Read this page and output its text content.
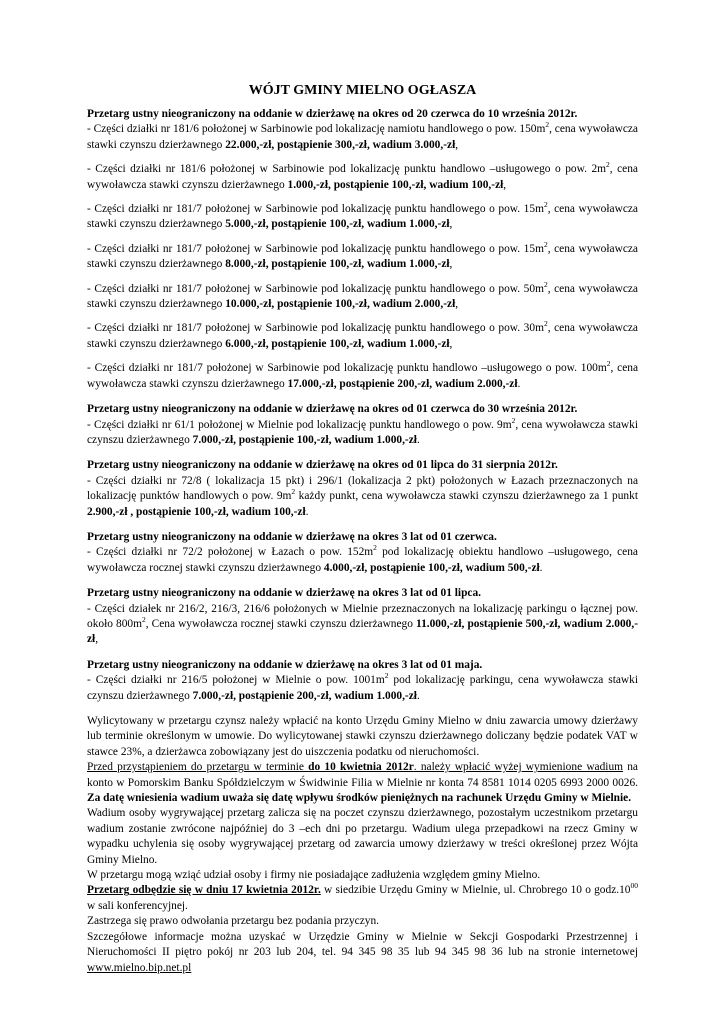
WÓJT GMINY MIELNO OGŁASZA

Przetarg ustny nieograniczony na oddanie w dzierżawę na okres od 20 czerwca do 10 września 2012r.

- Części działki nr 181/6 położonej w Sarbinowie pod lokalizację namiotu handlowego o pow. $150m^2$, cena wywoławcza stawki czynszu dzierżawnego 22.000,-zł, postąpienie 300,-zł, wadium 3.000,-zł,

- Części działki nr 181/6 położonej w Sarbinowie pod lokalizację punktu handlowo –usługowego o pow. $2m^2$, cena wywoławcza stawki czynszu dzierżawnego 1.000,-zł, postąpienie 100,-zł, wadium 100,-zł,

- Części działki nr 181/7 położonej w Sarbinowie pod lokalizację punktu handlowego o pow. $15m^2$, cena wywoławcza stawki czynszu dzierżawnego 5.000,-zł, postąpienie 100,-zł, wadium 1.000,-zł,

- Części działki nr 181/7 położonej w Sarbinowie pod lokalizację punktu handlowego o pow. $15m^2$, cena wywoławcza stawki czynszu dzierżawnego 8.000,-zł, postąpienie 100,-zł, wadium 1.000,-zł,

- Części działki nr 181/7 położonej w Sarbinowie pod lokalizację punktu handlowego o pow. $50m^2$, cena wywoławcza stawki czynszu dzierżawnego 10.000,-zł, postąpienie 100,-zł, wadium 2.000,-zł,

- Części działki nr 181/7 położonej w Sarbinowie pod lokalizację punktu handlowego o pow. $30m^2$, cena wywoławcza stawki czynszu dzierżawnego 6.000,-zł, postąpienie 100,-zł, wadium 1.000,-zł,

- Części działki nr 181/7 położonej w Sarbinowie pod lokalizację punktu handlowo –usługowego o pow. $100m^2$, cena wywoławcza stawki czynszu dzierżawnego 17.000,-zł, postąpienie 200,-zł, wadium 2.000,-zł.

Przetarg ustny nieograniczony na oddanie w dzierżawę na okres od 01 czerwca do 30 września 2012r.

- Części działki nr 61/1 położonej w Mielnie pod lokalizację punktu handlowego o pow. $9m^2$, cena wywoławcza stawki czynszu dzierżawnego 7.000,-zł, postąpienie 100,-zł, wadium 1.000,-zł.

Przetarg ustny nieograniczony na oddanie w dzierżawę na okres od 01 lipca do 31 sierpnia 2012r.

- Części działki nr 72/8 ( lokalizacja 15 pkt) i 296/1 (lokalizacja 2 pkt) położonych w Łazach przeznaczonych na lokalizację punktów handlowych o pow. $9m^2$ każdy punkt, cena wywoławcza stawki czynszu dzierżawnego za 1 punkt 2.900,-zł , postąpienie 100,-zł, wadium 100,-zł.

Przetarg ustny nieograniczony na oddanie w dzierżawę na okres 3 lat od 01 czerwca.

- Części działki nr 72/2 położonej w Łazach o pow. $152m^2$ pod lokalizację obiektu handlowo –usługowego, cena wywoławcza rocznej stawki czynszu dzierżawnego 4.000,-zł, postąpienie 100,-zł, wadium 500,-zł.

Przetarg ustny nieograniczony na oddanie w dzierżawę na okres 3 lat od 01 lipca.

- Części działek nr 216/2, 216/3, 216/6 położonych w Mielnie przeznaczonych na lokalizację parkingu o łącznej pow. około $800m^2$, Cena wywoławcza rocznej stawki czynszu dzierżawnego 11.000,-zł, postąpienie 500,-zł, wadium 2.000,-zł,

Przetarg ustny nieograniczony na oddanie w dzierżawę na okres 3 lat od 01 maja.

- Części działki nr 216/5 położonej w Mielnie o pow. $1001m^2$ pod lokalizację parkingu, cena wywoławcza stawki czynszu dzierżawnego 7.000,-zł, postąpienie 200,-zł, wadium 1.000,-zł.

Wylicytowany w przetargu czynsz należy wpłacić na konto Urzędu Gminy Mielno w dniu zawarcia umowy dzierżawy lub terminie określonym w umowie. Do wylicytowanej stawki czynszu dzierżawnego doliczany będzie podatek VAT w stawce 23%, a dzierżawca zobowiązany jest do uiszczenia podatku od nieruchomości.

Przed przystąpieniem do przetargu w terminie do 10 kwietnia 2012r. należy wpłacić wyżej wymienione wadium na konto w Pomorskim Banku Spółdzielczym w Świdwinie Filia w Mielnie nr konta 74 8581 1014 0205 6993 2000 0026. Za datę wniesienia wadium uważa się datę wpływu środków pieniężnych na rachunek Urzędu Gminy w Mielnie.

Wadium osoby wygrywającej przetarg zalicza się na poczet czynszu dzierżawnego, pozostałym uczestnikom przetargu wadium zostanie zwrócone najpóźniej do 3 –ech dni po przetargu. Wadium ulega przepadkowi na rzecz Gminy w wypadku uchylenia się osoby wygrywającej przetarg od zawarcia umowy dzierżawy w treści określonej przez Wójta Gminy Mielno.

W przetargu mogą wziąć udział osoby i firmy nie posiadające zadłużenia względem gminy Mielno.

Przetarg odbędzie się w dniu 17 kwietnia 2012r. w siedzibie Urzędu Gminy w Mielnie, ul. Chrobrego 10 o $godz.10^{00}$ w sali konferencyjnej.

Zastrzega się prawo odwołania przetargu bez podania przyczyn.

Szczegółowe informacje można uzyskać w Urzędzie Gminy w Mielnie w Sekcji Gospodarki Przestrzennej i Nieruchomości II piętro pokój nr 203 lub 204, tel. 94 345 98 35 lub 94 345 98 36 lub na stronie internetowej www.mielno.bip.net.pl
